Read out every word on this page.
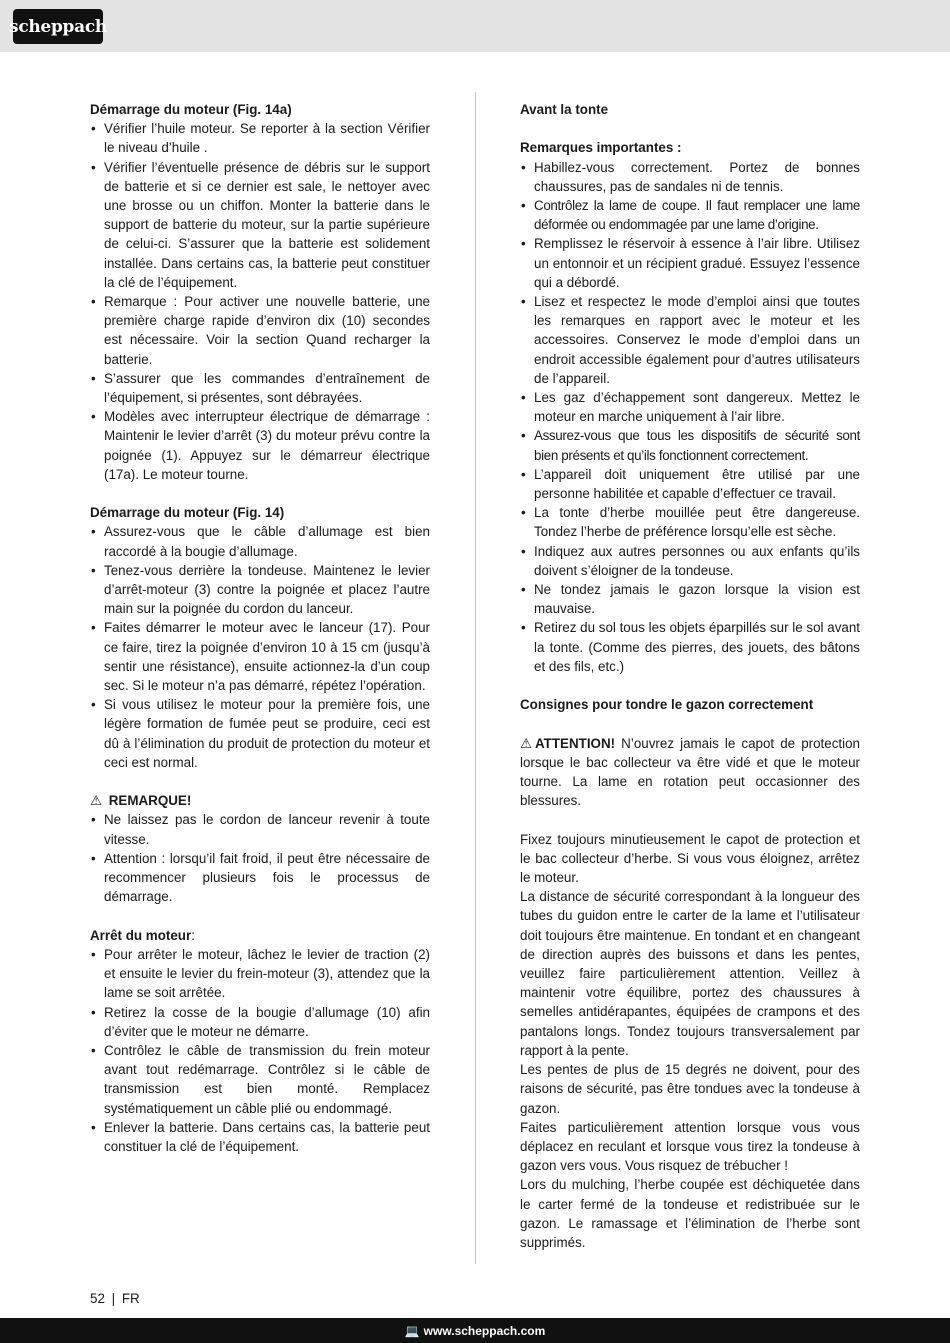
scheppach
Démarrage du moteur (Fig. 14a)
• Vérifier l’huile moteur. Se reporter à la section Vérifier le niveau d’huile .
• Vérifier l’éventuelle présence de débris sur le support de batterie et si ce dernier est sale, le nettoyer avec une brosse ou un chiffon. Monter la batterie dans le support de batterie du moteur, sur la partie supérieure de celui-ci. S’assurer que la batterie est solidement installée. Dans certains cas, la batterie peut constituer la clé de l’équipement.
• Remarque : Pour activer une nouvelle batterie, une première charge rapide d’environ dix (10) secondes est nécessaire. Voir la section Quand recharger la batterie.
• S’assurer que les commandes d’entraînement de l’équipement, si présentes, sont débrayées.
• Modèles avec interrupteur électrique de démarrage : Maintenir le levier d’arrêt (3) du moteur prévu contre la poignée (1). Appuyez sur le démarreur électrique (17a). Le moteur tourne.
Démarrage du moteur (Fig. 14)
• Assurez-vous que le câble d’allumage est bien raccordé à la bougie d’allumage.
• Tenez-vous derrière la tondeuse. Maintenez le levier d’arrêt-moteur (3) contre la poignée et placez l’autre main sur la poignée du cordon du lanceur.
• Faites démarrer le moteur avec le lanceur (17). Pour ce faire, tirez la poignée d’environ 10 à 15 cm (jusqu’à sentir une résistance), ensuite actionnez-la d’un coup sec. Si le moteur n’a pas démarré, répétez l’opération.
• Si vous utilisez le moteur pour la première fois, une légère formation de fumée peut se produire, ceci est dû à l’élimination du produit de protection du moteur et ceci est normal.
⚠ REMARQUE!
• Ne laissez pas le cordon de lanceur revenir à toute vitesse.
• Attention : lorsqu’il fait froid, il peut être nécessaire de recommencer plusieurs fois le processus de démarrage.
Arrêt du moteur:
• Pour arrêter le moteur, lâchez le levier de traction (2) et ensuite le levier du frein-moteur (3), attendez que la lame se soit arrêtée.
• Retirez la cosse de la bougie d’allumage (10) afin d’éviter que le moteur ne démarre.
• Contrôlez le câble de transmission du frein moteur avant tout redémarrage. Contrôlez si le câble de transmission est bien monté. Remplacez systématiquement un câble plié ou endommagé.
• Enlever la batterie. Dans certains cas, la batterie peut constituer la clé de l’équipement.
Avant la tonte
Remarques importantes :
• Habillez-vous correctement. Portez de bonnes chaussures, pas de sandales ni de tennis.
• Contrôlez la lame de coupe. Il faut remplacer une lame déformée ou endommagée par une lame d’origine.
• Remplissez le réservoir à essence à l’air libre. Utilisez un entonnoir et un récipient gradué. Essuyez l’essence qui a débordé.
• Lisez et respectez le mode d’emploi ainsi que toutes les remarques en rapport avec le moteur et les accessoires. Conservez le mode d’emploi dans un endroit accessible également pour d’autres utilisateurs de l’appareil.
• Les gaz d’échappement sont dangereux. Mettez le moteur en marche uniquement à l’air libre.
• Assurez-vous que tous les dispositifs de sécurité sont bien présents et qu’ils fonctionnent correctement.
• L’appareil doit uniquement être utilisé par une personne habilitée et capable d’effectuer ce travail.
• La tonte d’herbe mouillée peut être dangereuse. Tondez l’herbe de préférence lorsqu’elle est sèche.
• Indiquez aux autres personnes ou aux enfants qu’ils doivent s’éloigner de la tondeuse.
• Ne tondez jamais le gazon lorsque la vision est mauvaise.
• Retirez du sol tous les objets éparpillés sur le sol avant la tonte. (Comme des pierres, des jouets, des bâtons et des fils, etc.)
Consignes pour tondre le gazon correctement
⚠ ATTENTION! N’ouvrez jamais le capot de protection lorsque le bac collecteur va être vidé et que le moteur tourne. La lame en rotation peut occasionner des blessures.
Fixez toujours minutieusement le capot de protection et le bac collecteur d’herbe. Si vous vous éloignez, arrêtez le moteur.
La distance de sécurité correspondant à la longueur des tubes du guidon entre le carter de la lame et l’utilisateur doit toujours être maintenue. En tondant et en changeant de direction auprès des buissons et dans les pentes, veuillez faire particulièrement attention. Veillez à maintenir votre équilibre, portez des chaussures à semelles antidérapantes, équipées de crampons et des pantalons longs. Tondez toujours transversalement par rapport à la pente.
Les pentes de plus de 15 degrés ne doivent, pour des raisons de sécurité, pas être tondues avec la tondeuse à gazon.
Faites particulièrement attention lorsque vous vous déplacez en reculant et lorsque vous tirez la tondeuse à gazon vers vous. Vous risquez de trébucher !
Lors du mulching, l’herbe coupée est déchiquetée dans le carter fermé de la tondeuse et redistribuée sur le gazon. Le ramassage et l’élimination de l’herbe sont supprimés.
52 | FR
💻 www.scheppach.com
